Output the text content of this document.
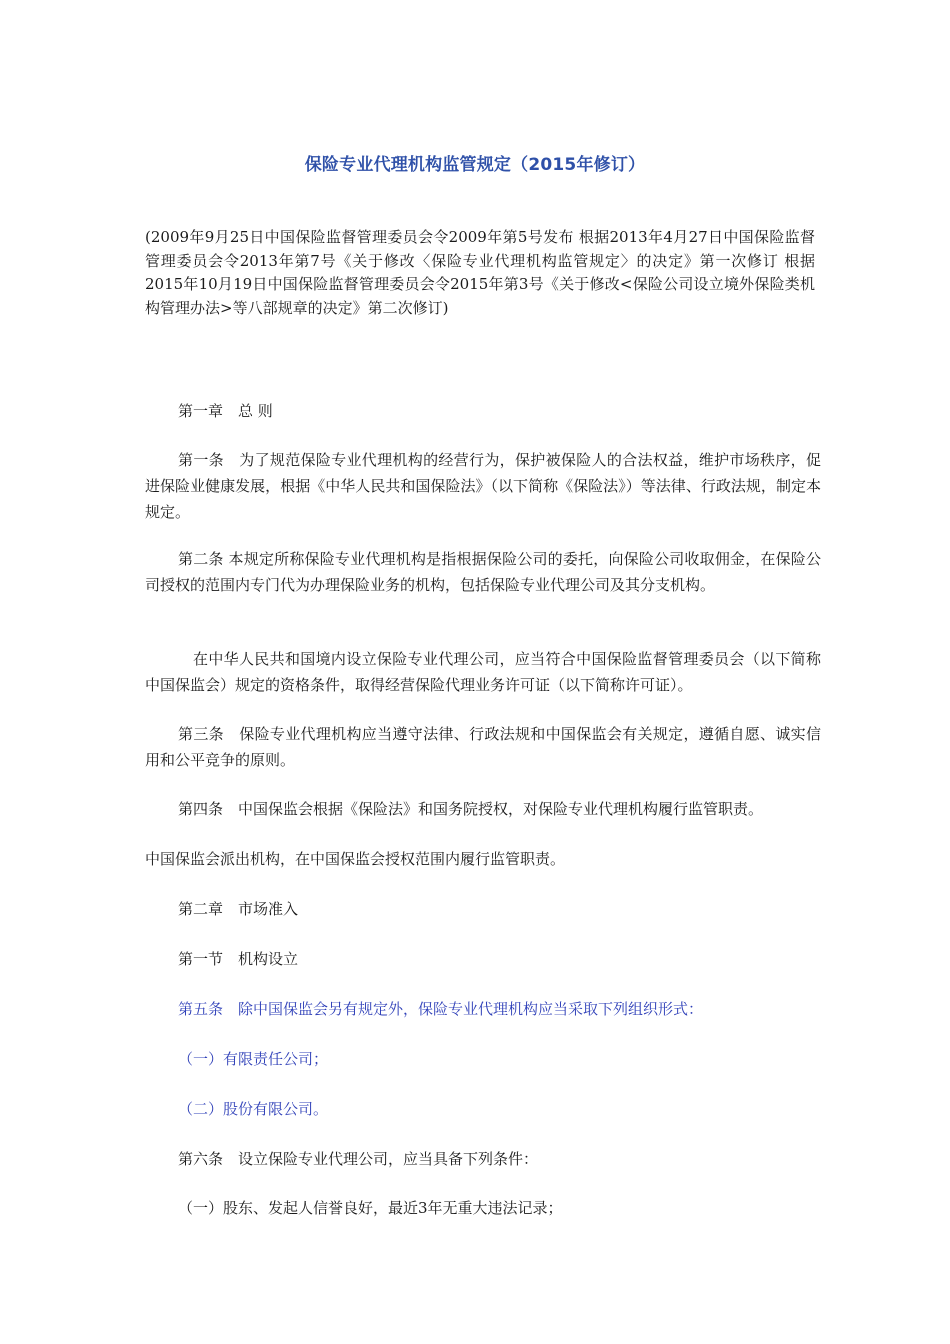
保险专业代理机构监管规定（2015年修订）
(2009年9月25日中国保险监督管理委员会令2009年第5号发布 根据2013年4月27日中国保险监督管理委员会令2013年第7号《关于修改〈保险专业代理机构监管规定〉的决定》第一次修订 根据2015年10月19日中国保险监督管理委员会令2015年第3号《关于修改<保险公司设立境外保险类机构管理办法>等八部规章的决定》第二次修订)
第一章　总 则
第一条　为了规范保险专业代理机构的经营行为，保护被保险人的合法权益，维护市场秩序，促进保险业健康发展，根据《中华人民共和国保险法》（以下简称《保险法》）等法律、行政法规，制定本规定。
第二条 本规定所称保险专业代理机构是指根据保险公司的委托，向保险公司收取佣金，在保险公司授权的范围内专门代为办理保险业务的机构，包括保险专业代理公司及其分支机构。
在中华人民共和国境内设立保险专业代理公司，应当符合中国保险监督管理委员会（以下简称中国保监会）规定的资格条件，取得经营保险代理业务许可证（以下简称许可证）。
第三条　保险专业代理机构应当遵守法律、行政法规和中国保监会有关规定，遵循自愿、诚实信用和公平竞争的原则。
第四条　中国保监会根据《保险法》和国务院授权，对保险专业代理机构履行监管职责。
中国保监会派出机构，在中国保监会授权范围内履行监管职责。
第二章　市场准入
第一节　机构设立
第五条　除中国保监会另有规定外，保险专业代理机构应当采取下列组织形式：
（一）有限责任公司；
（二）股份有限公司。
第六条　设立保险专业代理公司，应当具备下列条件：
（一）股东、发起人信誉良好，最近3年无重大违法记录；
